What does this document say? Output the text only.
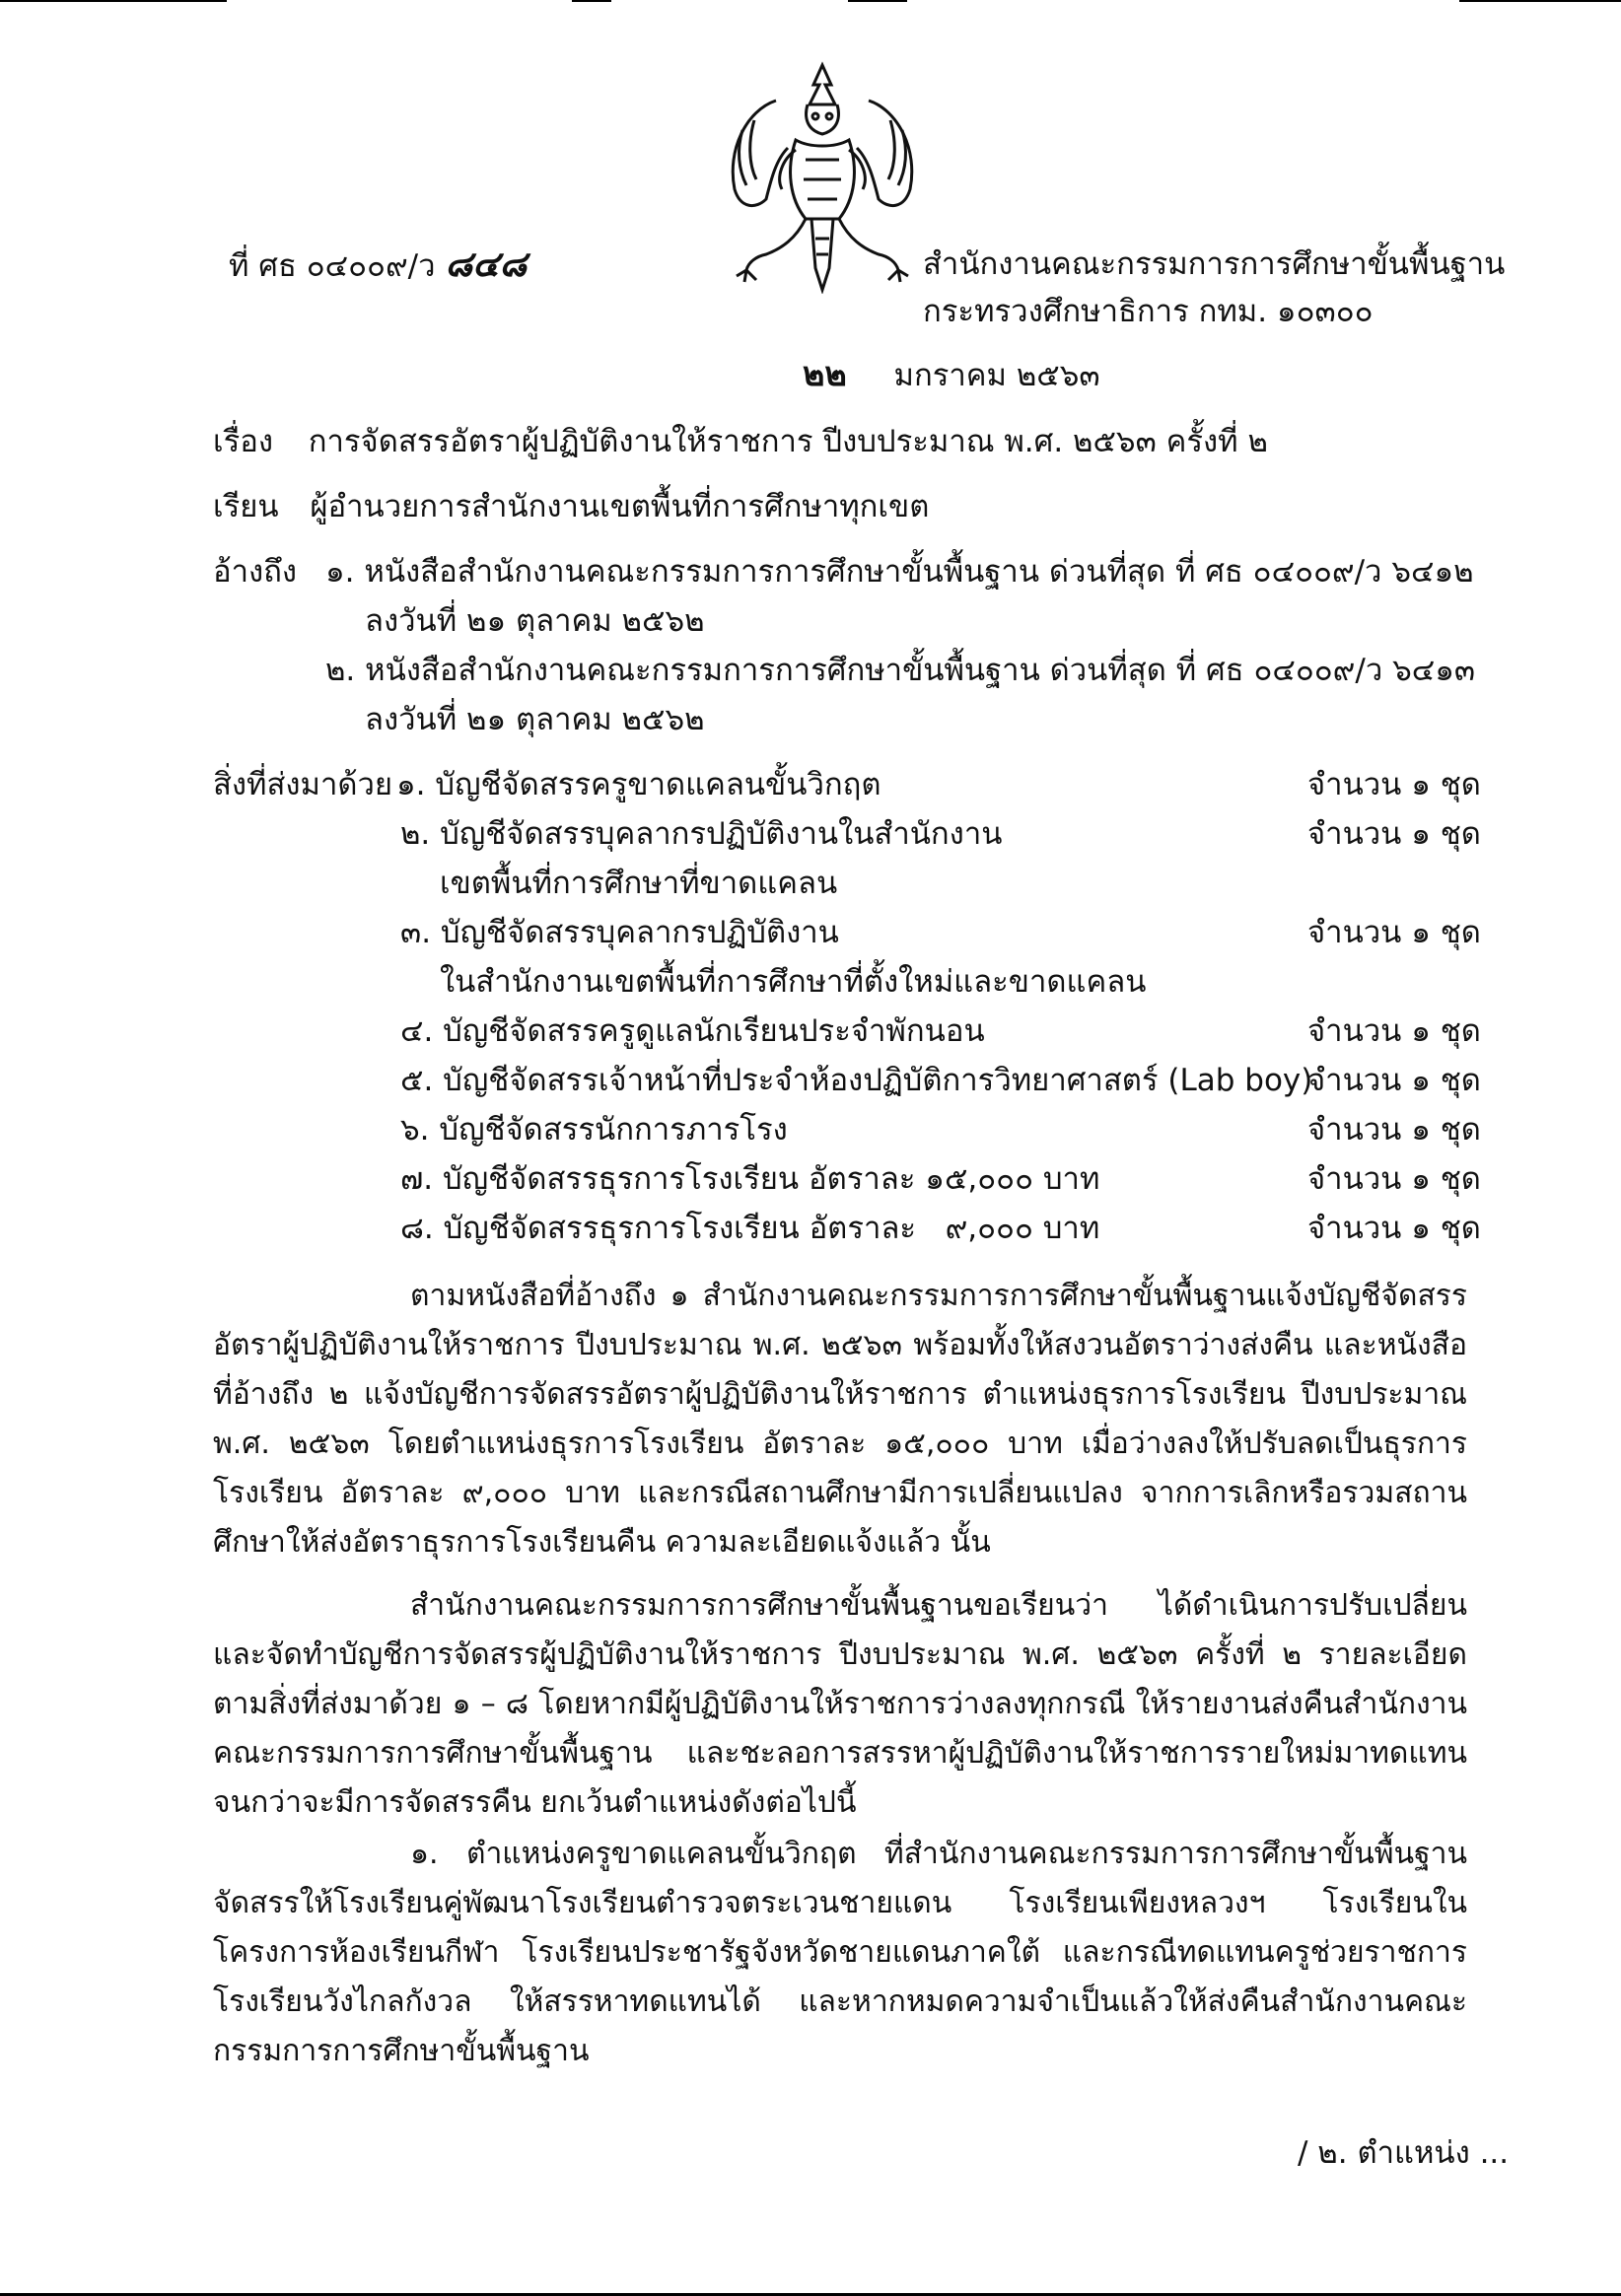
ที่ ศธ ๐๔๐๐๙/ว ๘๔๘	สำนักงานคณะกรรมการการศึกษาขั้นพื้นฐาน
กระทรวงศึกษาธิการ กทม. ๑๐๓๐๐
๒๒ มกราคม ๒๕๖๓
เรื่อง การจัดสรรอัตราผู้ปฏิบัติงานให้ราชการ ปีงบประมาณ พ.ศ. ๒๕๖๓ ครั้งที่ ๒
เรียน ผู้อำนวยการสำนักงานเขตพื้นที่การศึกษาทุกเขต
อ้างถึง ๑. หนังสือสำนักงานคณะกรรมการการศึกษาขั้นพื้นฐาน ด่วนที่สุด ที่ ศธ ๐๔๐๐๙/ว ๖๔๑๒
ลงวันที่ ๒๑ ตุลาคม ๒๕๖๒
๒. หนังสือสำนักงานคณะกรรมการการศึกษาขั้นพื้นฐาน ด่วนที่สุด ที่ ศธ ๐๔๐๐๙/ว ๖๔๑๓
ลงวันที่ ๒๑ ตุลาคม ๒๕๖๒
สิ่งที่ส่งมาด้วย ๑. บัญชีจัดสรรครูขาดแคลนขั้นวิกฤต	จำนวน ๑ ชุด
๒. บัญชีจัดสรรบุคลากรปฏิบัติงานในสำนักงาน
เขตพื้นที่การศึกษาที่ขาดแคลน
จำนวน ๑ ชุด
๓. บัญชีจัดสรรบุคลากรปฏิบัติงาน
ในสำนักงานเขตพื้นที่การศึกษาที่ตั้งใหม่และขาดแคลน
จำนวน ๑ ชุด
๔. บัญชีจัดสรรครูดูแลนักเรียนประจำพักนอน	จำนวน ๑ ชุด
๕. บัญชีจัดสรรเจ้าหน้าที่ประจำห้องปฏิบัติการวิทยาศาสตร์ (Lab boy)
จำนวน ๑ ชุด
๖. บัญชีจัดสรรนักการภารโรง	จำนวน ๑ ชุด
๗. บัญชีจัดสรรธุรการโรงเรียน อัตราละ ๑๕,๐๐๐ บาท	จำนวน ๑ ชุด
๘. บัญชีจัดสรรธุรการโรงเรียน อัตราละ   ๙,๐๐๐ บาท	จำนวน ๑ ชุด
ตามหนังสือที่อ้างถึง ๑ สำนักงานคณะกรรมการการศึกษาขั้นพื้นฐานแจ้งบัญชีจัดสรรอัตราผู้ปฏิบัติงานให้ราชการ ปีงบประมาณ พ.ศ. ๒๕๖๓ พร้อมทั้งให้สงวนอัตราว่างส่งคืน และหนังสือที่อ้างถึง ๒ แจ้งบัญชีการจัดสรรอัตราผู้ปฏิบัติงานให้ราชการ ตำแหน่งธุรการโรงเรียน ปีงบประมาณ พ.ศ. ๒๕๖๓ โดยตำแหน่งธุรการโรงเรียน อัตราละ ๑๕,๐๐๐ บาท เมื่อว่างลงให้ปรับลดเป็นธุรการโรงเรียน อัตราละ ๙,๐๐๐ บาท และกรณีสถานศึกษามีการเปลี่ยนแปลง จากการเลิกหรือรวมสถานศึกษาให้ส่งอัตราธุรการโรงเรียนคืน ความละเอียดแจ้งแล้ว นั้น
สำนักงานคณะกรรมการการศึกษาขั้นพื้นฐานขอเรียนว่า ได้ดำเนินการปรับเปลี่ยนและจัดทำบัญชีการจัดสรรผู้ปฏิบัติงานให้ราชการ ปีงบประมาณ พ.ศ. ๒๕๖๓ ครั้งที่ ๒ รายละเอียดตามสิ่งที่ส่งมาด้วย ๑ – ๘ โดยหากมีผู้ปฏิบัติงานให้ราชการว่างลงทุกกรณี ให้รายงานส่งคืนสำนักงานคณะกรรมการการศึกษาขั้นพื้นฐาน และชะลอการสรรหาผู้ปฏิบัติงานให้ราชการรายใหม่มาทดแทน จนกว่าจะมีการจัดสรรคืน ยกเว้นตำแหน่งดังต่อไปนี้
๑. ตำแหน่งครูขาดแคลนขั้นวิกฤต ที่สำนักงานคณะกรรมการการศึกษาขั้นพื้นฐานจัดสรรให้โรงเรียนคู่พัฒนาโรงเรียนตำรวจตระเวนชายแดน โรงเรียนเพียงหลวงฯ โรงเรียนในโครงการห้องเรียนกีฬา โรงเรียนประชารัฐจังหวัดชายแดนภาคใต้ และกรณีทดแทนครูช่วยราชการโรงเรียนวังไกลกังวล ให้สรรหาทดแทนได้ และหากหมดความจำเป็นแล้วให้ส่งคืนสำนักงานคณะกรรมการการศึกษาขั้นพื้นฐาน
/ ๒. ตำแหน่ง ...
